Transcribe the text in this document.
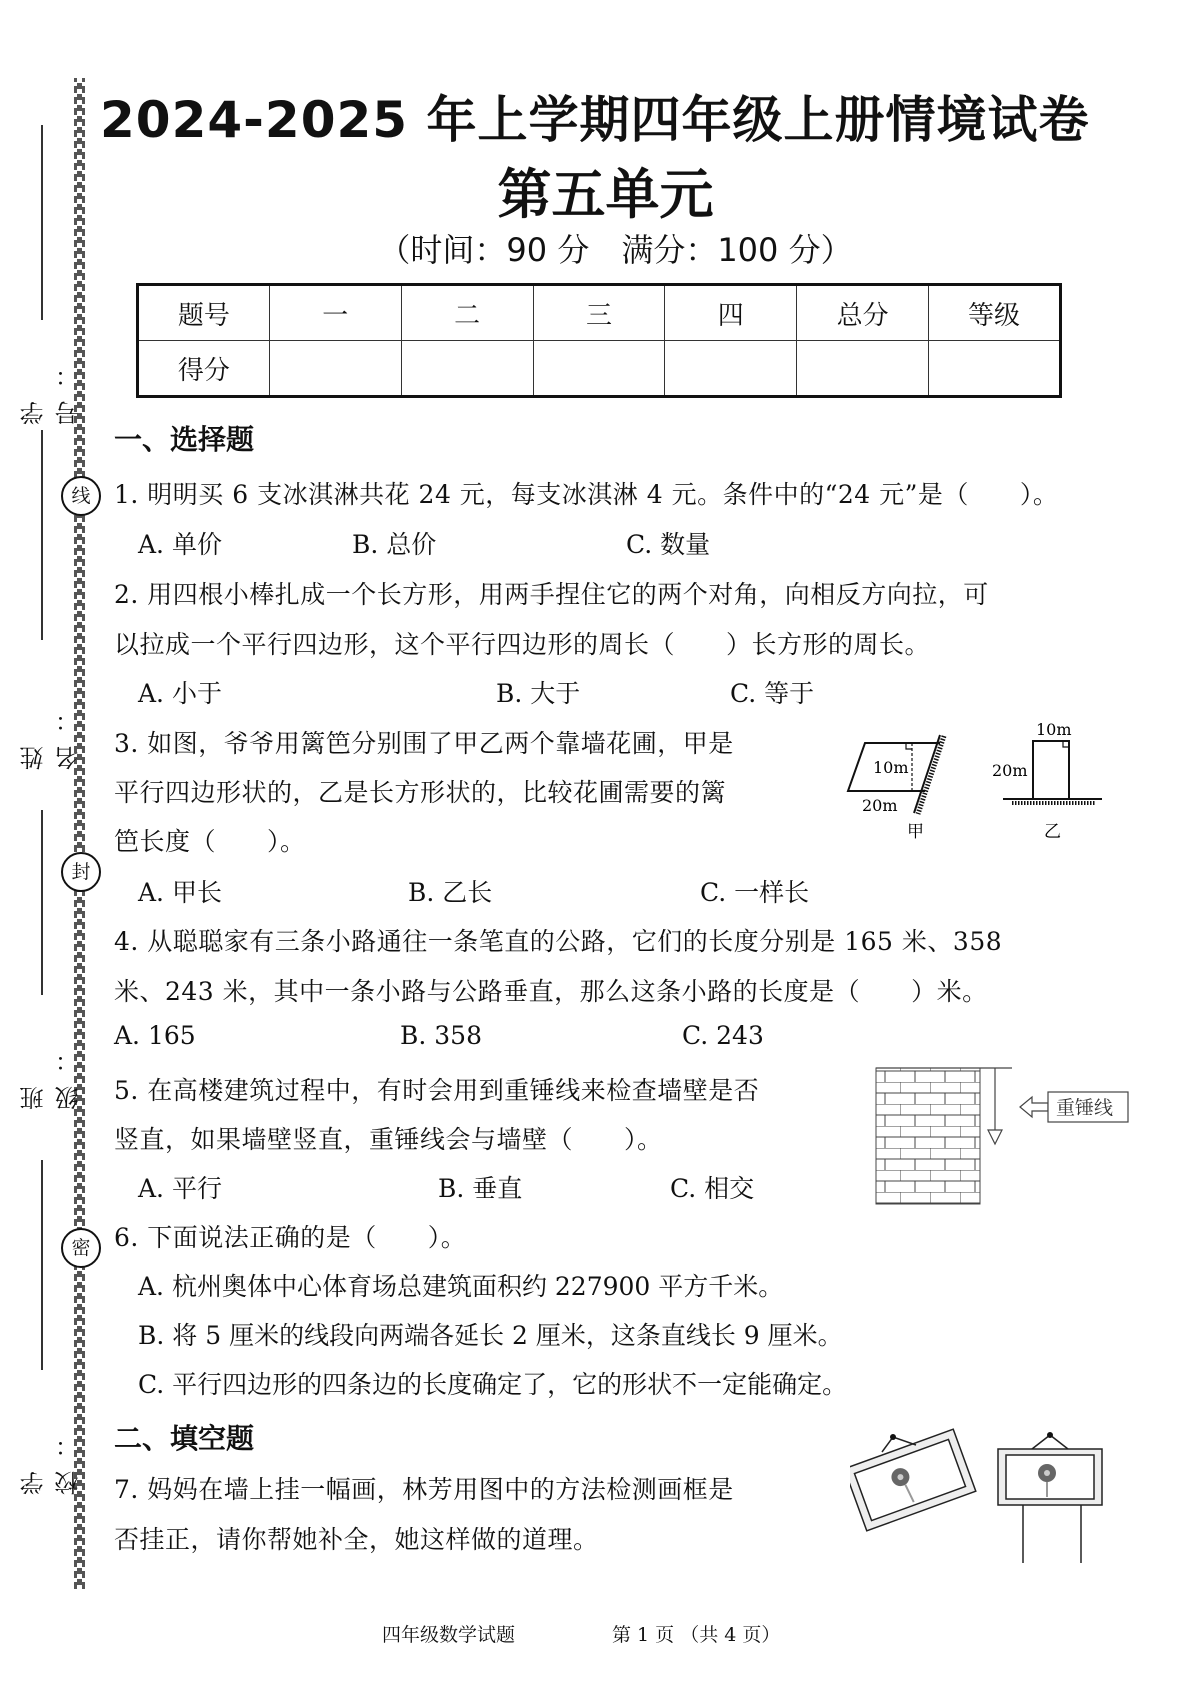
学　号：
姓　名：
班　级：
学　校：
线
封
密
2024-2025 年上学期四年级上册情境试卷
第五单元
（时间：90 分　满分：100 分）
题号	一	二	三	四	总分	等级
得分						
一、选择题
1. 明明买 6 支冰淇淋共花 24 元，每支冰淇淋 4 元。条件中的“24 元”是（　　）。
A. 单价	B. 总价	C. 数量
2. 用四根小棒扎成一个长方形，用两手捏住它的两个对角，向相反方向拉，可
以拉成一个平行四边形，这个平行四边形的周长（　　）长方形的周长。
A. 小于	B. 大于	C. 等于
3. 如图，爷爷用篱笆分别围了甲乙两个靠墙花圃，甲是
平行四边形状的，乙是长方形状的，比较花圃需要的篱
笆长度（　　）。
A. 甲长	B. 乙长	C. 一样长
10m
20m
甲
10m
20m
乙
4. 从聪聪家有三条小路通往一条笔直的公路，它们的长度分别是 165 米、358
米、243 米，其中一条小路与公路垂直，那么这条小路的长度是（　　）米。
A. 165	B. 358	C. 243
5. 在高楼建筑过程中，有时会用到重锤线来检查墙壁是否
竖直，如果墙壁竖直，重锤线会与墙壁（　　）。
A. 平行	B. 垂直	C. 相交
重锤线
6. 下面说法正确的是（　　）。
A. 杭州奥体中心体育场总建筑面积约 227900 平方千米。
B. 将 5 厘米的线段向两端各延长 2 厘米，这条直线长 9 厘米。
C. 平行四边形的四条边的长度确定了，它的形状不一定能确定。
二、填空题
7. 妈妈在墙上挂一幅画，林芳用图中的方法检测画框是
否挂正，请你帮她补全，她这样做的道理。
四年级数学试题	第 1 页 （共 4 页）
